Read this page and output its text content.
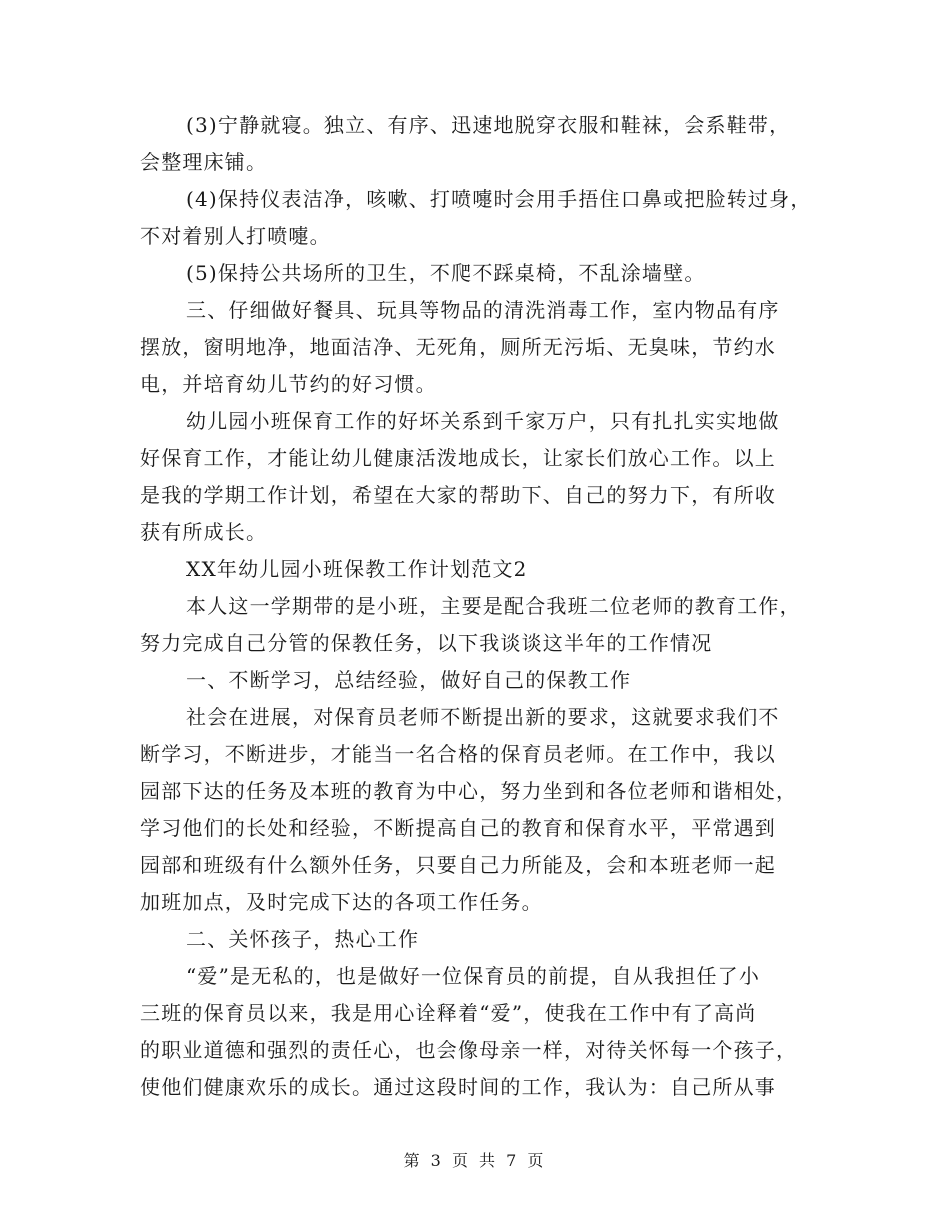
(3)宁静就寝。独立、有序、迅速地脱穿衣服和鞋袜，会系鞋带，
会整理床铺。
(4)保持仪表洁净，咳嗽、打喷嚏时会用手捂住口鼻或把脸转过身，
不对着别人打喷嚏。
(5)保持公共场所的卫生，不爬不踩桌椅，不乱涂墙壁。
三、仔细做好餐具、玩具等物品的清洗消毒工作，室内物品有序
摆放，窗明地净，地面洁净、无死角，厕所无污垢、无臭味，节约水
电，并培育幼儿节约的好习惯。
幼儿园小班保育工作的好坏关系到千家万户，只有扎扎实实地做
好保育工作，才能让幼儿健康活泼地成长，让家长们放心工作。以上
是我的学期工作计划，希望在大家的帮助下、自己的努力下，有所收
获有所成长。
XX年幼儿园小班保教工作计划范文2
本人这一学期带的是小班，主要是配合我班二位老师的教育工作，
努力完成自己分管的保教任务，以下我谈谈这半年的工作情况
一、不断学习，总结经验，做好自己的保教工作
社会在进展，对保育员老师不断提出新的要求，这就要求我们不
断学习，不断进步，才能当一名合格的保育员老师。在工作中，我以
园部下达的任务及本班的教育为中心，努力坐到和各位老师和谐相处，
学习他们的长处和经验，不断提高自己的教育和保育水平，平常遇到
园部和班级有什么额外任务，只要自己力所能及，会和本班老师一起
加班加点，及时完成下达的各项工作任务。
二、关怀孩子，热心工作
“爱”是无私的，也是做好一位保育员的前提，自从我担任了小
三班的保育员以来，我是用心诠释着“爱”，使我在工作中有了高尚
的职业道德和强烈的责任心，也会像母亲一样，对待关怀每一个孩子，
使他们健康欢乐的成长。通过这段时间的工作，我认为：自己所从事
第 3 页 共 7 页
